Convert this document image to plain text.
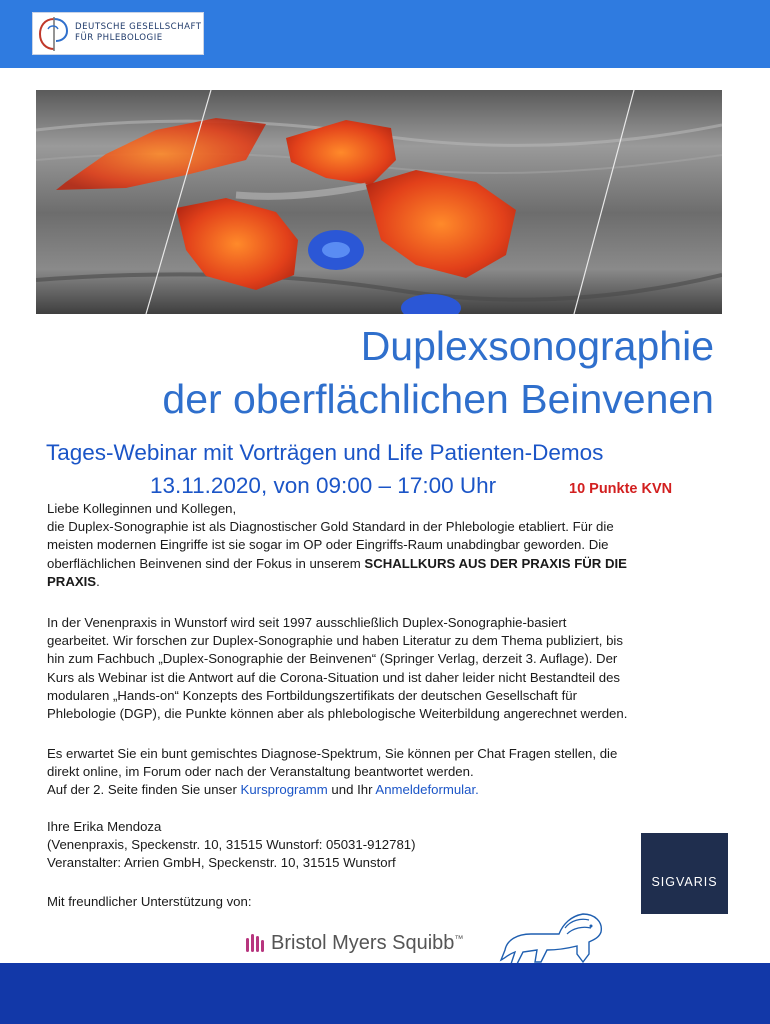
DEUTSCHE GESELLSCHAFT
FÜR PHLEBOLOGIE
Duplexsonographie
der oberflächlichen Beinvenen
Tages-Webinar mit Vorträgen und Life Patienten-Demos
13.11.2020, von 09:00 – 17:00 Uhr	10 Punkte KVN
Liebe Kolleginnen und Kollegen,
die Duplex-Sonographie ist als Diagnostischer Gold Standard in der Phlebologie etabliert. Für die
meisten modernen Eingriffe ist sie sogar im OP oder Eingriffs-Raum unabdingbar geworden. Die
oberflächlichen Beinvenen sind der Fokus in unserem SCHALLKURS AUS DER PRAXIS FÜR DIE
PRAXIS.
In der Venenpraxis in Wunstorf wird seit 1997 ausschließlich Duplex-Sonographie-basiert
gearbeitet. Wir forschen zur Duplex-Sonographie und haben Literatur zu dem Thema publiziert, bis
hin zum Fachbuch „Duplex-Sonographie der Beinvenen“ (Springer Verlag, derzeit 3. Auflage). Der
Kurs als Webinar ist die Antwort auf die Corona-Situation und ist daher leider nicht Bestandteil des
modularen „Hands-on“ Konzepts des Fortbildungszertifikats der deutschen Gesellschaft für
Phlebologie (DGP), die Punkte können aber als phlebologische Weiterbildung angerechnet werden.
Es erwartet Sie ein bunt gemischtes Diagnose-Spektrum, Sie können per Chat Fragen stellen, die
direkt online, im Forum oder nach der Veranstaltung beantwortet werden.
Auf der 2. Seite finden Sie unser Kursprogramm und Ihr Anmeldeformular.
Ihre Erika Mendoza
(Venenpraxis, Speckenstr. 10, 31515 Wunstorf: 05031-912781)
Veranstalter: Arrien GmbH, Speckenstr. 10, 31515 Wunstorf
Mit freundlicher Unterstützung von:
SIGVARIS
Bristol Myers Squibb™
